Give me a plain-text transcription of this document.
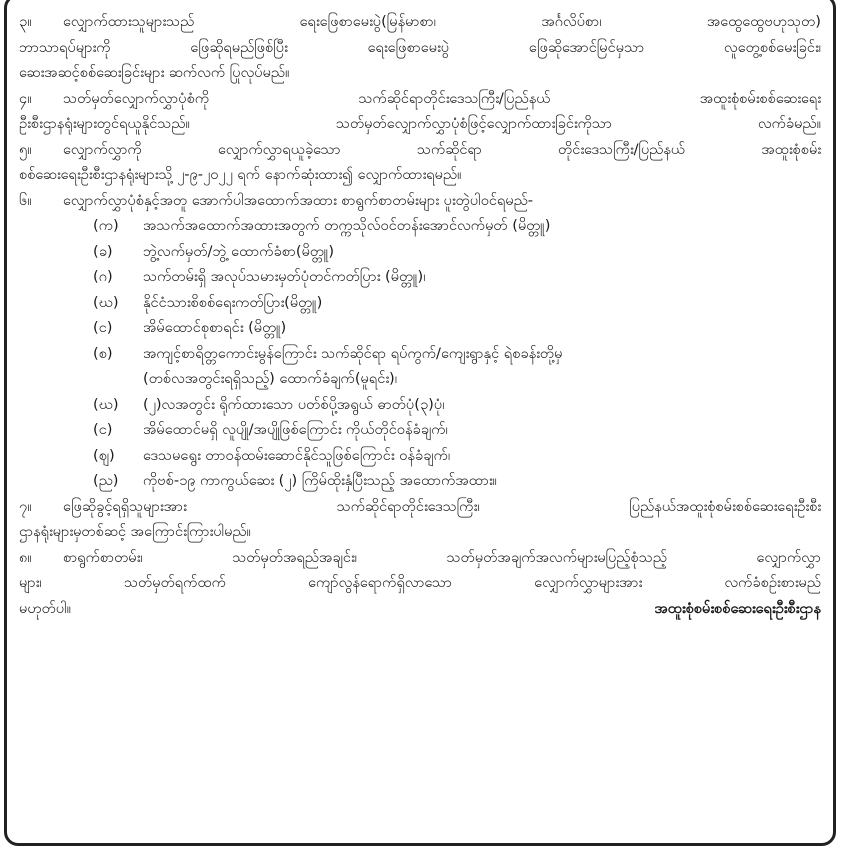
၃။ လျှောက်ထားသူများသည် ရေးဖြေစာမေးပွဲ(မြန်မာစာ၊ အင်္ဂလိပ်စာ၊ အထွေထွေဗဟုသုတ)
ဘာသာရပ်များကို ဖြေဆိုရမည်ဖြစ်ပြီး ရေးဖြေစာမေးပွဲ ဖြေဆိုအောင်မြင်မှသာ လူတွေ့စစ်မေးခြင်း၊
ဆေးအဆင့်စစ်ဆေးခြင်းများ ဆက်လက် ပြုလုပ်မည်။
၄။ သတ်မှတ်လျှောက်လွှာပုံစံကို သက်ဆိုင်ရာတိုင်းဒေသကြီး/ပြည်နယ် အထူးစုံစမ်းစစ်ဆေးရေး
ဦးစီးဌာနရုံးများတွင်ရယူနိုင်သည်။ သတ်မှတ်လျှောက်လွှာပုံစံဖြင့်လျှောက်ထားခြင်းကိုသာ လက်ခံမည်။
၅။ လျှောက်လွှာကို လျှောက်လွှာရယူခဲ့သော သက်ဆိုင်ရာ တိုင်းဒေသကြီး/ပြည်နယ် အထူးစုံစမ်း
စစ်ဆေးရေးဦးစီးဌာနရုံးများသို့ ၂-၉-၂၀၂၂ ရက် နောက်ဆုံးထား၍ လျှောက်ထားရမည်။
၆။ လျှောက်လွှာပုံစံနှင့်အတူ အောက်ပါအထောက်အထား စာရွက်စာတမ်းများ ပူးတွဲပါဝင်ရမည်-
(က) အသက်အထောက်အထားအတွက် တက္ကသိုလ်ဝင်တန်းအောင်လက်မှတ် (မိတ္တူ)
(ခ) ဘွဲ့လက်မှတ်/ဘွဲ့ ထောက်ခံစာ(မိတ္တူ)
(ဂ) သက်တမ်းရှိ အလုပ်သမားမှတ်ပုံတင်ကတ်ပြား (မိတ္တူ)၊
(ဃ) နိုင်ငံသားစိစစ်ရေးကတ်ပြား(မိတ္တူ)
(င) အိမ်ထောင်စုစာရင်း (မိတ္တူ)
(စ) အကျင့်စာရိတ္တကောင်းမွန်ကြောင်း သက်ဆိုင်ရာ ရပ်ကွက်/ကျေးရွာနှင့် ရဲစခန်းတို့မှ
(တစ်လအတွင်းရရှိသည့်) ထောက်ခံချက်(မူရင်း)၊
(ဃ) (၂)လအတွင်း ရိုက်ထားသော ပတ်စ်ပို့အရွယ် ဓာတ်ပုံ(၃)ပုံ၊
(င) အိမ်ထောင်မရှိ လူပျို/အပျိုဖြစ်ကြောင်း ကိုယ်တိုင်ဝန်ခံချက်၊
(ဈ) ဒေသမရွေး တာဝန်ထမ်းဆောင်နိုင်သူဖြစ်ကြောင်း ဝန်ခံချက်၊
(ည) ကိုဗစ်-၁၉ ကာကွယ်ဆေး (၂) ကြိမ်ထိုးနှံပြီးသည့် အထောက်အထား။
၇။ ဖြေဆိုခွင့်ရရှိသူများအား သက်ဆိုင်ရာတိုင်းဒေသကြီး၊ ပြည်နယ်အထူးစုံစမ်းစစ်ဆေးရေးဦးစီး
ဌာနရုံးများမှတစ်ဆင့် အကြောင်းကြားပါမည်။
၈။ စာရွက်စာတမ်း၊ သတ်မှတ်အရည်အချင်း၊ သတ်မှတ်အချက်အလက်များမပြည့်စုံသည့် လျှောက်လွှာ
များ၊ သတ်မှတ်ရက်ထက် ကျော်လွန်ရောက်ရှိလာသော လျှောက်လွှာများအား လက်ခံစဉ်းစားမည်
မဟုတ်ပါ။	အထူးစုံစမ်းစစ်ဆေးရေးဦးစီးဌာန
